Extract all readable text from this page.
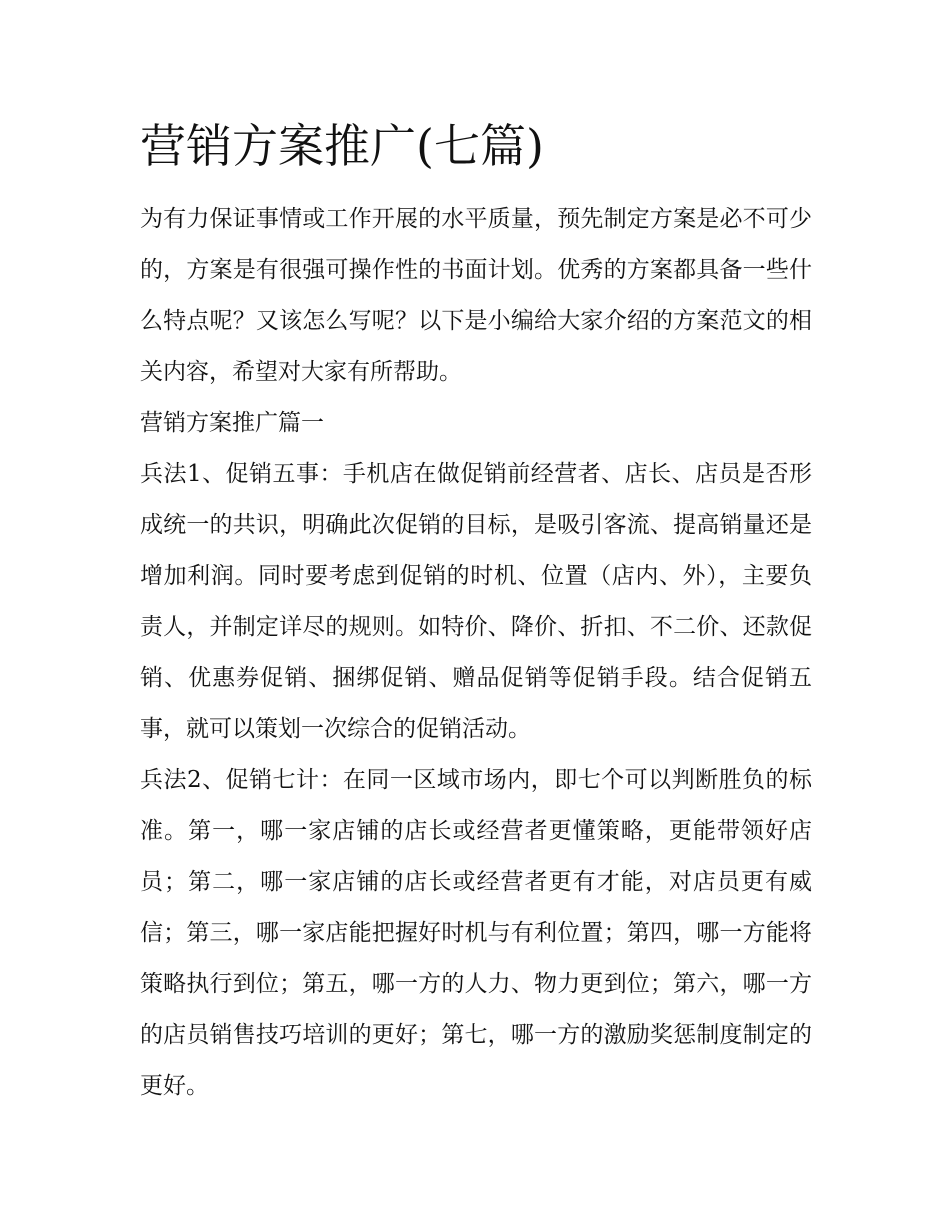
营销方案推广(七篇)

为有力保证事情或工作开展的水平质量，预先制定方案是必不可少的，方案是有很强可操作性的书面计划。优秀的方案都具备一些什么特点呢？又该怎么写呢？以下是小编给大家介绍的方案范文的相关内容，希望对大家有所帮助。

营销方案推广篇一

兵法1、促销五事：手机店在做促销前经营者、店长、店员是否形成统一的共识，明确此次促销的目标，是吸引客流、提高销量还是增加利润。同时要考虑到促销的时机、位置（店内、外），主要负责人，并制定详尽的规则。如特价、降价、折扣、不二价、还款促销、优惠券促销、捆绑促销、赠品促销等促销手段。结合促销五事，就可以策划一次综合的促销活动。

兵法2、促销七计：在同一区域市场内，即七个可以判断胜负的标准。第一，哪一家店铺的店长或经营者更懂策略，更能带领好店员；第二，哪一家店铺的店长或经营者更有才能，对店员更有威信；第三，哪一家店能把握好时机与有利位置；第四，哪一方能将策略执行到位；第五，哪一方的人力、物力更到位；第六，哪一方的店员销售技巧培训的更好；第七，哪一方的激励奖惩制度制定的更好。
